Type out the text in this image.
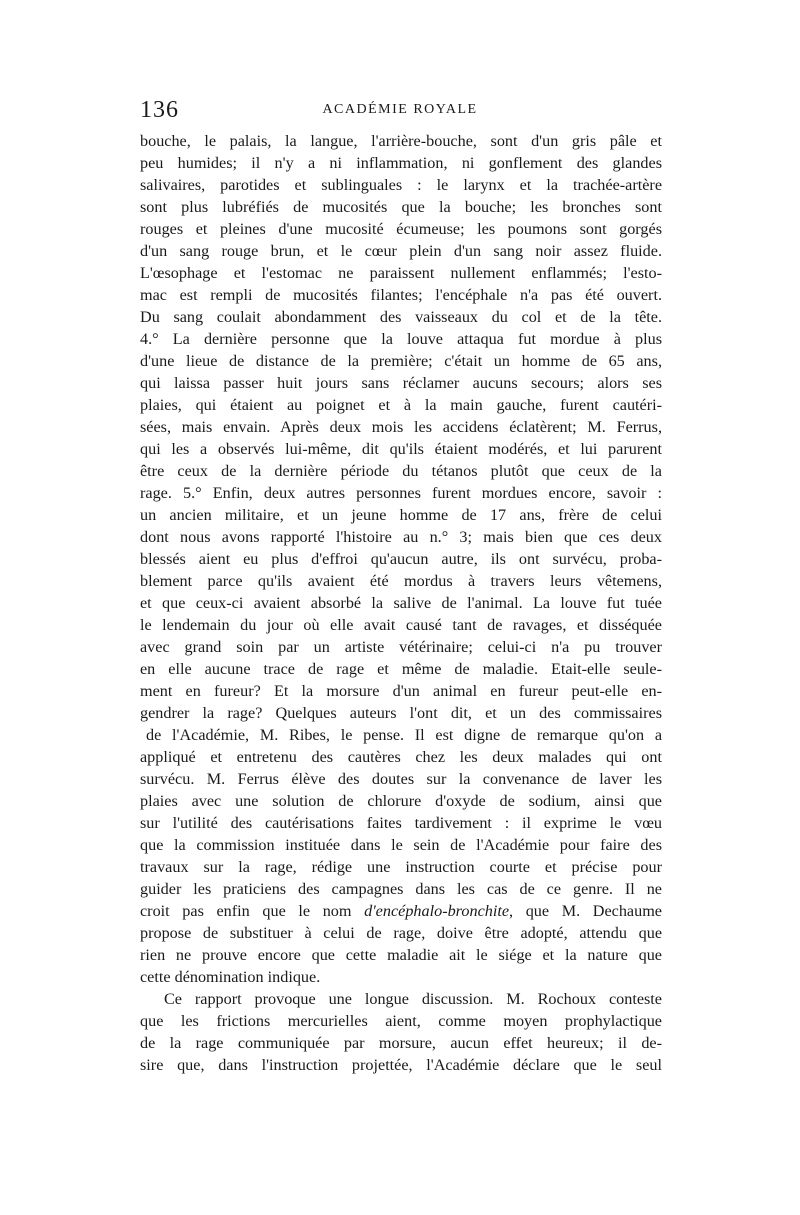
136	ACADÉMIE ROYALE
bouche, le palais, la langue, l'arrière-bouche, sont d'un gris pâle et
peu humides; il n'y a ni inflammation, ni gonflement des glandes
salivaires, parotides et sublinguales : le larynx et la trachée-artère
sont plus lubréfiés de mucosités que la bouche; les bronches sont
rouges et pleines d'une mucosité écumeuse; les poumons sont gorgés
d'un sang rouge brun, et le cœur plein d'un sang noir assez fluide.
L'œsophage et l'estomac ne paraissent nullement enflammés; l'esto-
mac est rempli de mucosités filantes; l'encéphale n'a pas été ouvert.
Du sang coulait abondamment des vaisseaux du col et de la tête.
4.° La dernière personne que la louve attaqua fut mordue à plus
d'une lieue de distance de la première; c'était un homme de 65 ans,
qui laissa passer huit jours sans réclamer aucuns secours; alors ses
plaies, qui étaient au poignet et à la main gauche, furent cautéri-
sées, mais envain. Après deux mois les accidens éclatèrent; M. Ferrus,
qui les a observés lui-même, dit qu'ils étaient modérés, et lui parurent
être ceux de la dernière période du tétanos plutôt que ceux de la
rage. 5.° Enfin, deux autres personnes furent mordues encore, savoir :
un ancien militaire, et un jeune homme de 17 ans, frère de celui
dont nous avons rapporté l'histoire au n.° 3; mais bien que ces deux
blessés aient eu plus d'effroi qu'aucun autre, ils ont survécu, proba-
blement parce qu'ils avaient été mordus à travers leurs vêtemens,
et que ceux-ci avaient absorbé la salive de l'animal. La louve fut tuée
le lendemain du jour où elle avait causé tant de ravages, et disséquée
avec grand soin par un artiste vétérinaire; celui-ci n'a pu trouver
en elle aucune trace de rage et même de maladie. Etait-elle seule-
ment en fureur? Et la morsure d'un animal en fureur peut-elle en-
gendrer la rage? Quelques auteurs l'ont dit, et un des commissaires
de l'Académie, M. Ribes, le pense. Il est digne de remarque qu'on a
appliqué et entretenu des cautères chez les deux malades qui ont
survécu. M. Ferrus élève des doutes sur la convenance de laver les
plaies avec une solution de chlorure d'oxyde de sodium, ainsi que
sur l'utilité des cautérisations faites tardivement : il exprime le vœu
que la commission instituée dans le sein de l'Académie pour faire des
travaux sur la rage, rédige une instruction courte et précise pour
guider les praticiens des campagnes dans les cas de ce genre. Il ne
croit pas enfin que le nom d'encéphalo-bronchite, que M. Dechaume
propose de substituer à celui de rage, doive être adopté, attendu que
rien ne prouve encore que cette maladie ait le siége et la nature que
cette dénomination indique.
Ce rapport provoque une longue discussion. M. Rochoux conteste
que les frictions mercurielles aient, comme moyen prophylactique
de la rage communiquée par morsure, aucun effet heureux; il de-
sire que, dans l'instruction projettée, l'Académie déclare que le seul
